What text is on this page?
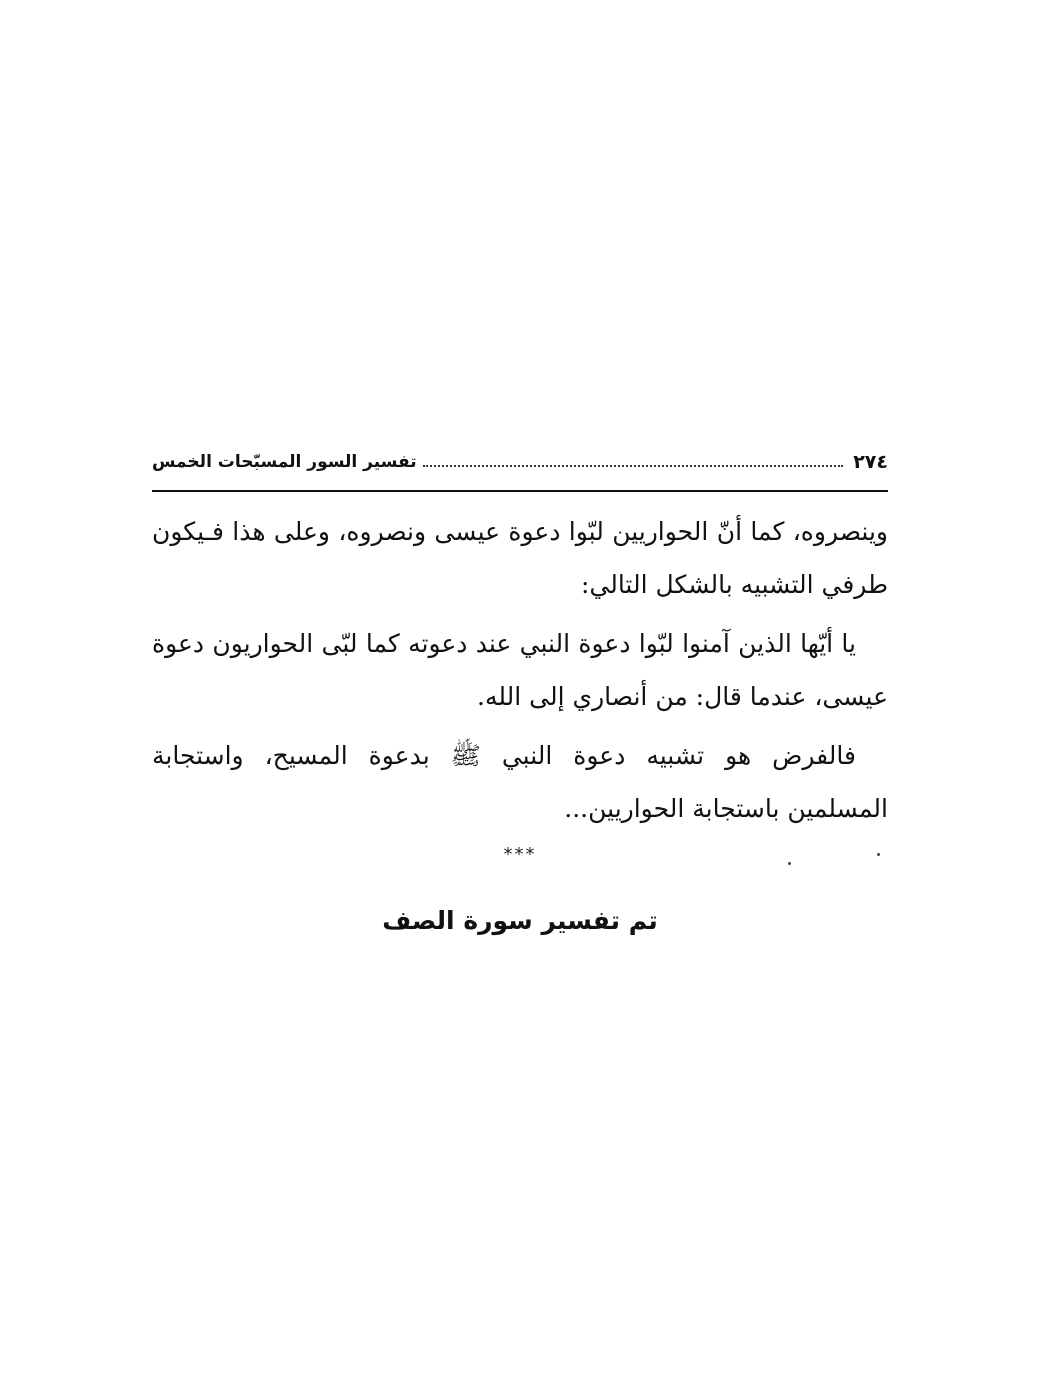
٢٧٤
تفسير السور المسبّحات الخمس

وينصروه، كما أنّ الحواريين لبّوا دعوة عيسى ونصروه، وعلى هذا فـيكون طرفي التشبيه بالشكل التالي:

يا أيّها الذين آمنوا لبّوا دعوة النبي عند دعوته كما لبّى الحواريون دعوة عيسى، عندما قال: من أنصاري إلى الله.

فالفرض هو تشبيه دعوة النبي ﷺ بدعوة المسيح، واستجابة المسلمين باستجابة الحواريين...

***
تم تفسير سورة الصف
